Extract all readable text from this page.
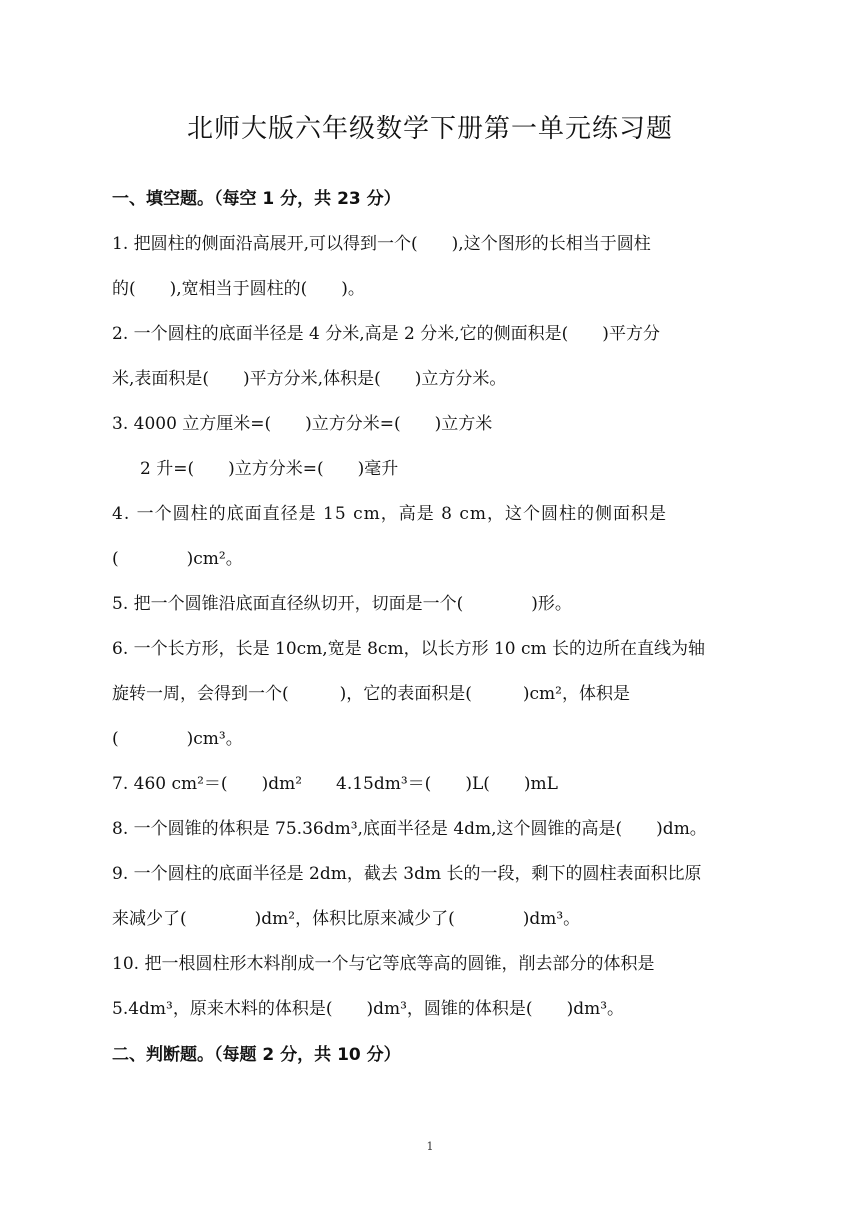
北师大版六年级数学下册第一单元练习题
一、填空题。（每空 1 分，共 23 分）
1. 把圆柱的侧面沿高展开,可以得到一个(　　),这个图形的长相当于圆柱
的(　　),宽相当于圆柱的(　　)。
2. 一个圆柱的底面半径是 4 分米,高是 2 分米,它的侧面积是(　　)平方分
米,表面积是(　　)平方分米,体积是(　　)立方分米。
3. 4000 立方厘米=(　　)立方分米=(　　)立方米
2 升=(　　)立方分米=(　　)毫升
4. 一个圆柱的底面直径是 15 cm，高是 8 cm，这个圆柱的侧面积是
(　　　　)cm²。
5. 把一个圆锥沿底面直径纵切开，切面是一个(　　　　)形。
6. 一个长方形，长是 10cm,宽是 8cm，以长方形 10 cm 长的边所在直线为轴
旋转一周，会得到一个(　　　)，它的表面积是(　　　)cm²，体积是
(　　　　)cm³。
7. 460 cm²＝(　　)dm²　　4.15dm³＝(　　)L(　　)mL
8. 一个圆锥的体积是 75.36dm³,底面半径是 4dm,这个圆锥的高是(　　)dm。
9. 一个圆柱的底面半径是 2dm，截去 3dm 长的一段，剩下的圆柱表面积比原
来减少了(　　　　)dm²，体积比原来减少了(　　　　)dm³。
10. 把一根圆柱形木料削成一个与它等底等高的圆锥，削去部分的体积是
5.4dm³，原来木料的体积是(　　)dm³，圆锥的体积是(　　)dm³。
二、判断题。（每题 2 分，共 10 分）
1
